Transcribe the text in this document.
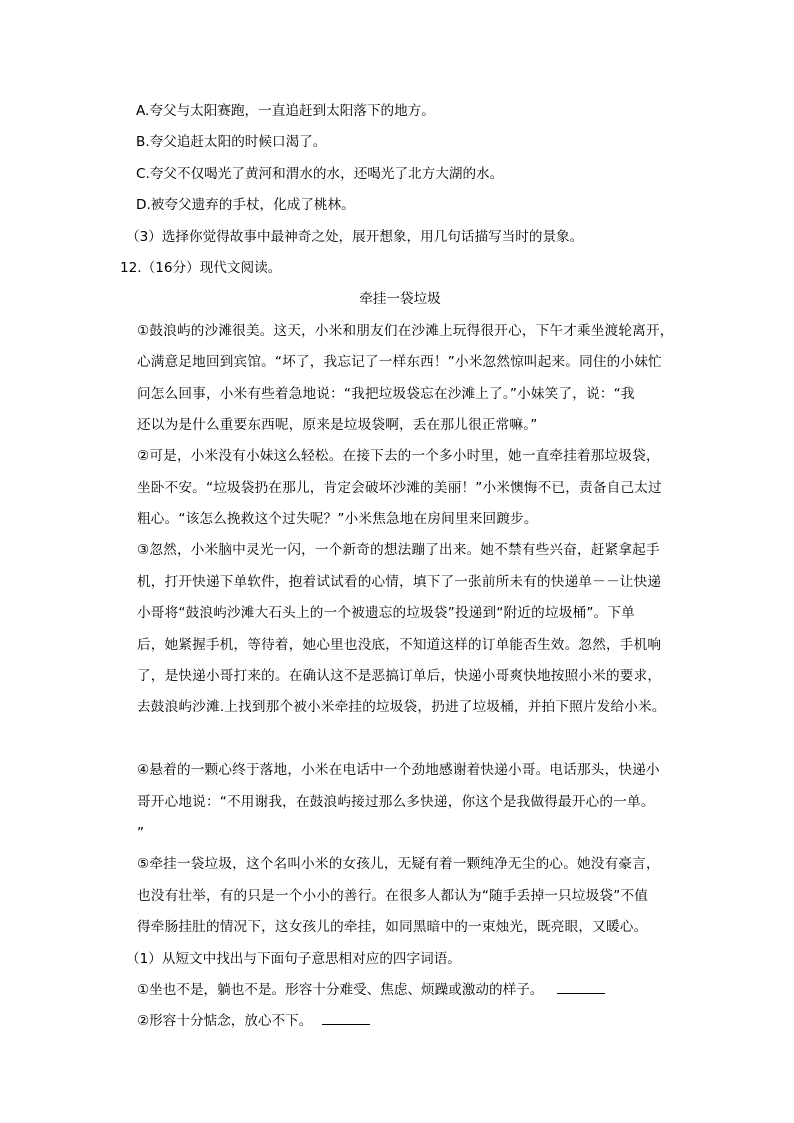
A.夸父与太阳赛跑，一直追赶到太阳落下的地方。
B.夸父追赶太阳的时候口渴了。
C.夸父不仅喝光了黄河和渭水的水，还喝光了北方大湖的水。
D.被夸父遗弃的手杖，化成了桃林。
（3）选择你觉得故事中最神奇之处，展开想象，用几句话描写当时的景象。
12.（16分）现代文阅读。
牵挂一袋垃圾
①鼓浪屿的沙滩很美。这天，小米和朋友们在沙滩上玩得很开心，下午才乘坐渡轮离开，
心满意足地回到宾馆。“坏了，我忘记了一样东西！”小米忽然惊叫起来。同住的小妹忙
问怎么回事，小米有些着急地说：“我把垃圾袋忘在沙滩上了。”小妹笑了，说：“我
还以为是什么重要东西呢，原来是垃圾袋啊，丢在那儿很正常嘛。”
②可是，小米没有小妹这么轻松。在接下去的一个多小时里，她一直牵挂着那垃圾袋，
坐卧不安。“垃圾袋扔在那儿，肯定会破坏沙滩的美丽！”小米懊悔不已，责备自己太过
粗心。“该怎么挽救这个过失呢？”小米焦急地在房间里来回踱步。
③忽然，小米脑中灵光一闪，一个新奇的想法蹦了出来。她不禁有些兴奋，赶紧拿起手
机，打开快递下单软件，抱着试试看的心情，填下了一张前所未有的快递单－－让快递
小哥将“鼓浪屿沙滩大石头上的一个被遗忘的垃圾袋”投递到“附近的垃圾桶”。下单
后，她紧握手机，等待着，她心里也没底，不知道这样的订单能否生效。忽然，手机响
了，是快递小哥打来的。在确认这不是恶搞订单后，快递小哥爽快地按照小米的要求，
去鼓浪屿沙滩.上找到那个被小米牵挂的垃圾袋，扔进了垃圾桶，并拍下照片发给小米。
④悬着的一颗心终于落地，小米在电话中一个劲地感谢着快递小哥。电话那头，快递小
哥开心地说：“不用谢我，在鼓浪屿接过那么多快递，你这个是我做得最开心的一单。
”
⑤牵挂一袋垃圾，这个名叫小米的女孩儿，无疑有着一颗纯净无尘的心。她没有豪言，
也没有壮举，有的只是一个小小的善行。在很多人都认为“随手丢掉一只垃圾袋”不值
得牵肠挂肚的情况下，这女孩儿的牵挂，如同黑暗中的一束烛光，既亮眼，又暖心。
（1）从短文中找出与下面句子意思相对应的四字词语。
①坐也不是，躺也不是。形容十分难受、焦虑、烦躁或激动的样子。
②形容十分惦念，放心不下。
